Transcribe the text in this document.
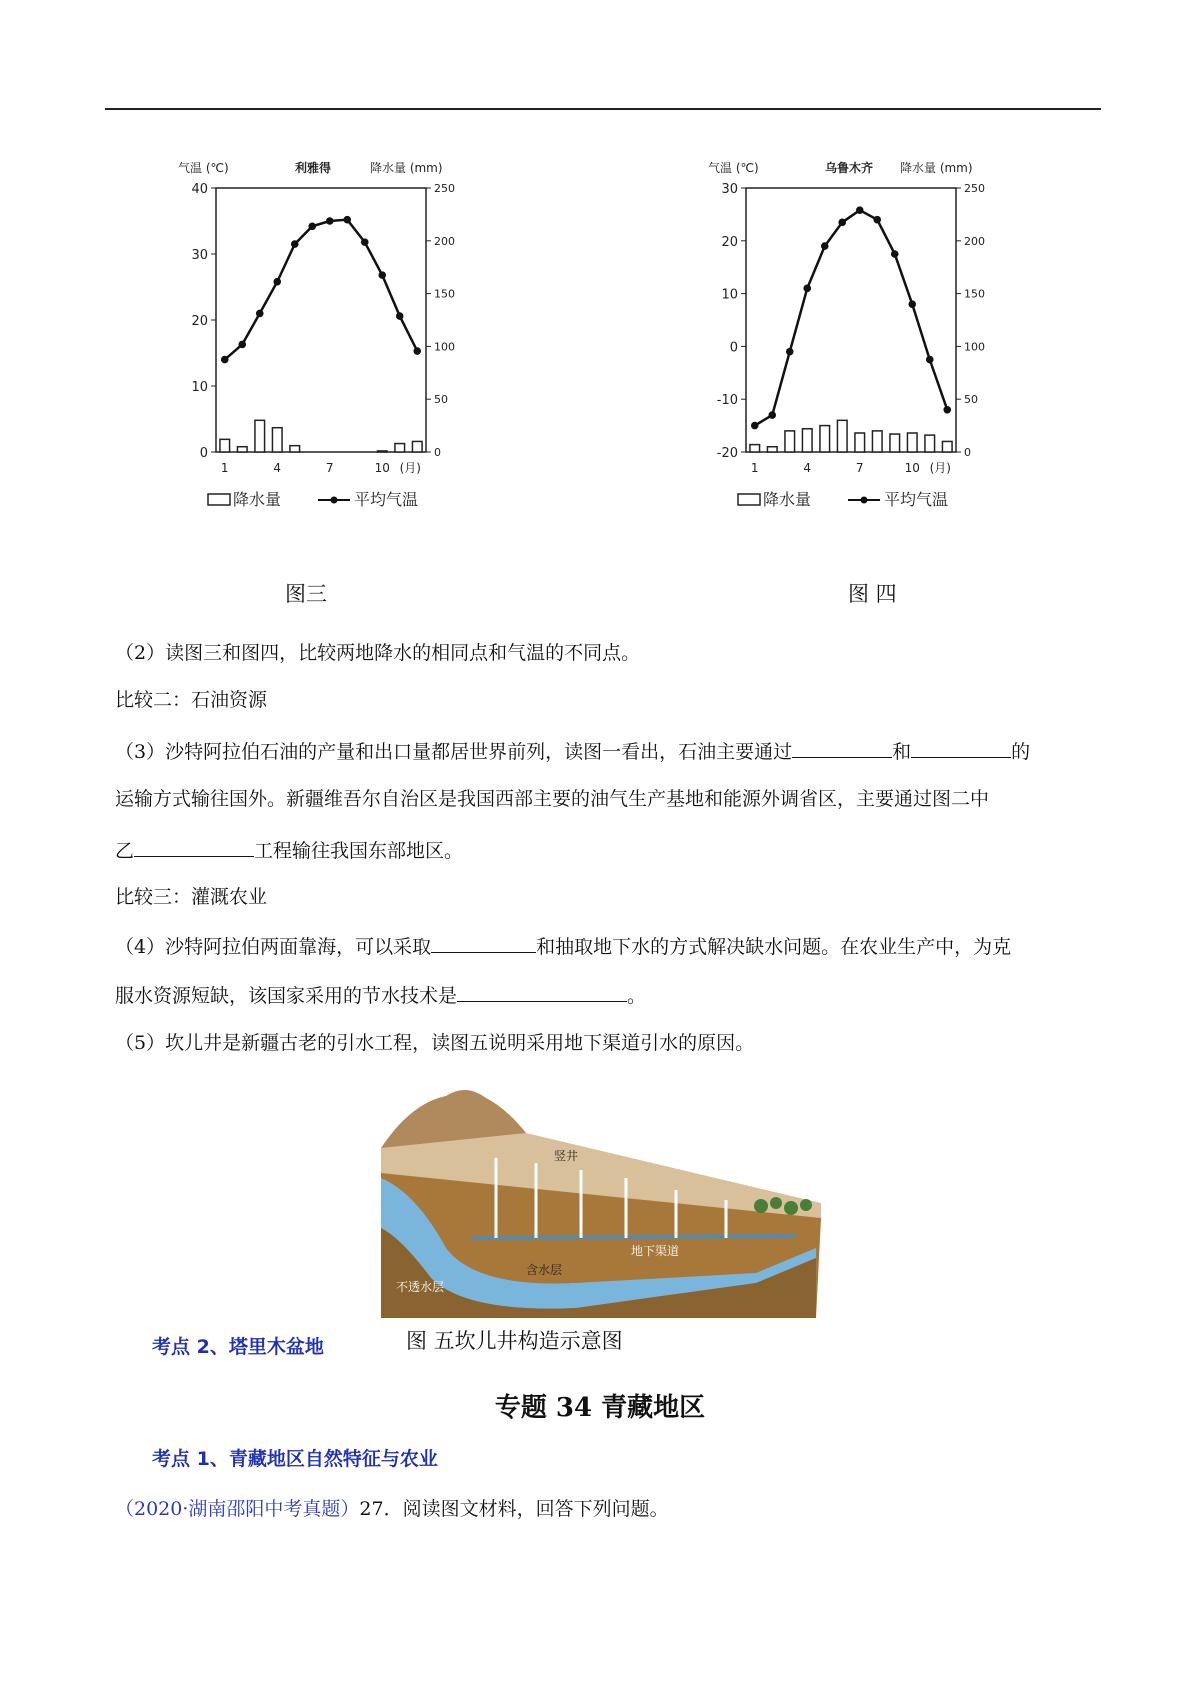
气温 (℃)	利雅得	降水量 (mm)
0
10
20
30
40
0
50
100
150
200
250
1	4	7	10 (月)
降水量	平均气温
图三
气温 (℃)	乌鲁木齐 降水量 (mm)
-20
-10
0
10
20
30
0
50
100
150
200
250
1	4	7	10 (月)
降水量	平均气温
图 四
（2）读图三和图四，比较两地降水的相同点和气温的不同点。
比较二：石油资源
（3）沙特阿拉伯石油的产量和出口量都居世界前列，读图一看出，石油主要通过	和	的
运输方式输往国外。新疆维吾尔自治区是我国西部主要的油气生产基地和能源外调省区，主要通过图二中
乙	工程输往我国东部地区。
比较三：灌溉农业
（4）沙特阿拉伯两面靠海，可以采取	和抽取地下水的方式解决缺水问题。在农业生产中，为克
服水资源短缺，该国家采用的节水技术是	。
（5）坎儿井是新疆古老的引水工程，读图五说明采用地下渠道引水的原因。
竖井
地下渠道
含水层
不透水层
图 五坎儿井构造示意图
考点 2、塔里木盆地
专题 34 青藏地区
考点 1、青藏地区自然特征与农业
（2020·湖南邵阳中考真题）27．阅读图文材料，回答下列问题。
